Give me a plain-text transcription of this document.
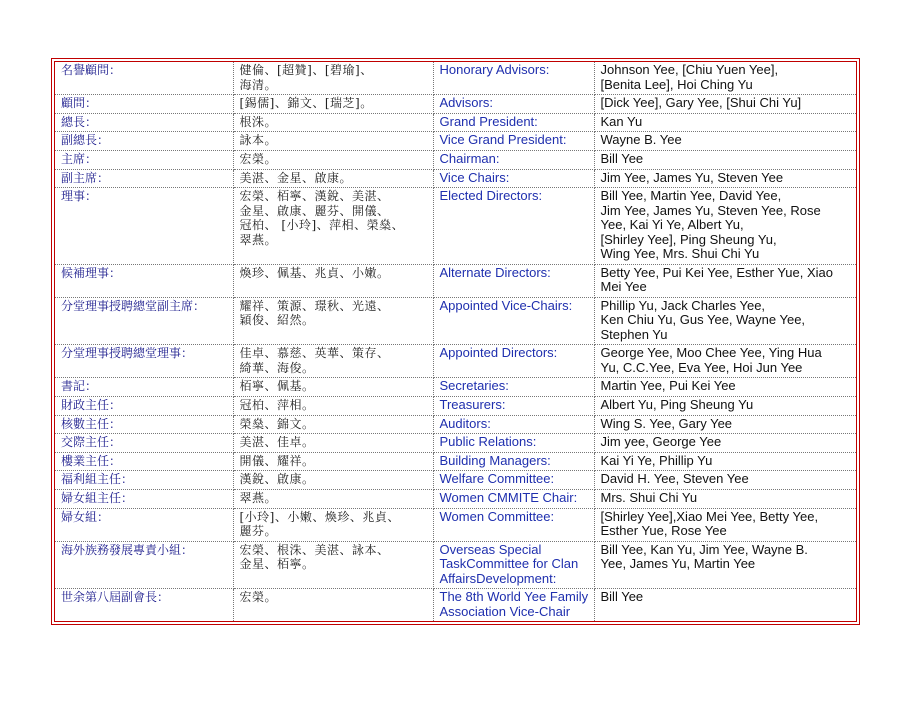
名譽顧問：	健倫、[超贊]、[碧瑜]、
海清。	Honorary Advisors:	Johnson Yee, [Chiu Yuen Yee],
[Benita Lee], Hoi Ching Yu
顧問：	[錫儒]、錦文、[瑞芝]。	Advisors:	[Dick Yee], Gary Yee, [Shui Chi Yu]
總長：	根洙。	Grand President:	Kan Yu
副總長：	詠本。	Vice Grand President:	Wayne B. Yee
主席：	宏榮。	Chairman:	Bill Yee
副主席：	美湛、金星、啟康。	Vice Chairs:	Jim Yee, James Yu, Steven Yee
理事：	宏榮、栢寧、漢銳、美湛、
金星、啟康、麗芬、開儀、
冠柏、 [小玲]、萍相、榮燊、
翠燕。	Elected Directors:	Bill Yee, Martin Yee, David Yee,
Jim Yee, James Yu, Steven Yee, Rose
Yee, Kai Yi Ye, Albert Yu,
[Shirley Yee], Ping Sheung Yu,
Wing Yee, Mrs. Shui Chi Yu
候補理事：	煥珍、佩基、兆貞、小嫩。	Alternate Directors:	Betty Yee, Pui Kei Yee, Esther Yue, Xiao
Mei Yee
分堂理事授聘總堂副主席：	耀祥、策源、璟秋、光遠、
穎俊、紹然。	Appointed Vice-Chairs:	Phillip Yu, Jack Charles Yee,
Ken Chiu Yu, Gus Yee, Wayne Yee,
Stephen Yu
分堂理事授聘總堂理事：	佳卓、慕慈、英華、策存、
綺華、海俊。	Appointed Directors:	George Yee, Moo Chee Yee, Ying Hua
Yu, C.C.Yee, Eva Yee, Hoi Jun Yee
書記：	栢寧、佩基。	Secretaries:	Martin Yee, Pui Kei Yee
財政主任：	冠柏、萍相。	Treasurers:	Albert Yu, Ping Sheung Yu
核數主任：	榮燊、錦文。	Auditors:	Wing S. Yee, Gary Yee
交際主任：	美湛、佳卓。	Public Relations:	Jim yee, George Yee
樓業主任：	開儀、耀祥。	Building Managers:	Kai Yi Ye, Phillip Yu
福利組主任：	漢銳、啟康。	Welfare Committee:	David H. Yee, Steven Yee
婦女組主任：	翠燕。	Women CMMITE Chair:	Mrs. Shui Chi Yu
婦女組：	[小玲]、小嫩、煥珍、兆貞、
麗芬。	Women Committee:	[Shirley Yee],Xiao Mei Yee, Betty Yee,
Esther Yue, Rose Yee
海外族務發展專責小組：	宏榮、根洙、美湛、詠本、
金星、栢寧。	Overseas Special
TaskCommittee for Clan
AffairsDevelopment:	Bill Yee, Kan Yu, Jim Yee, Wayne B.
Yee, James Yu, Martin Yee
世余第八屆副會長：	宏榮。	The 8th World Yee Family
Association Vice-Chair	Bill Yee
